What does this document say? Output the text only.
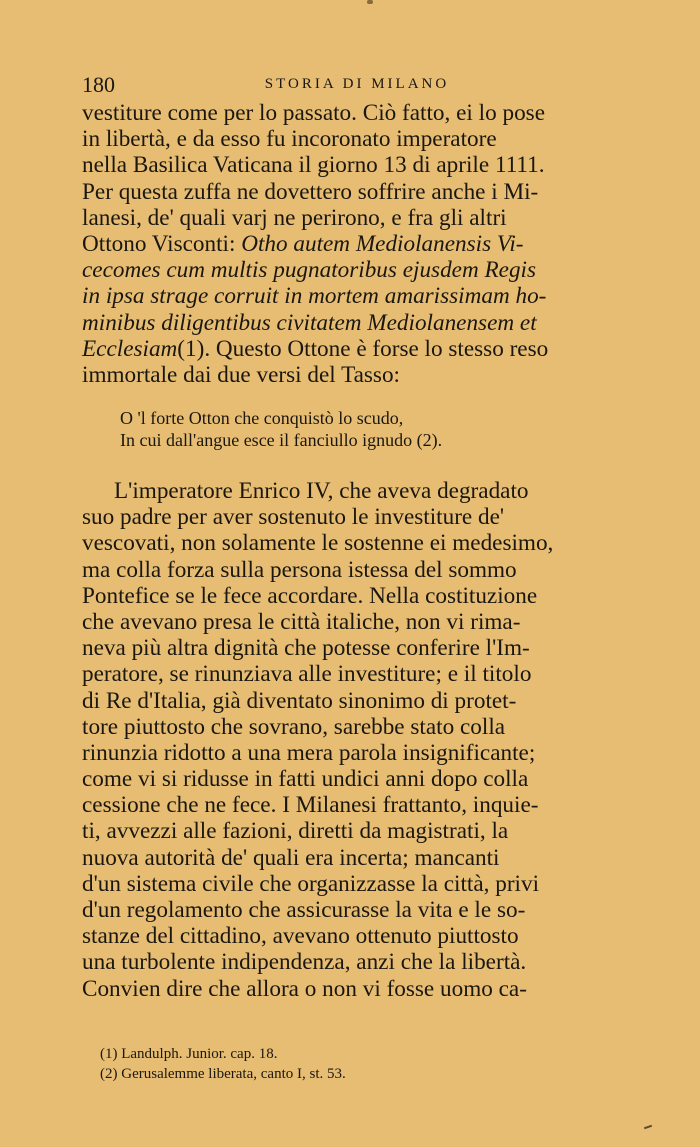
180	STORIA DI MILANO
vestiture come per lo passato. Ciò fatto, ei lo pose
in libertà, e da esso fu incoronato imperatore
nella Basilica Vaticana il giorno 13 di aprile 1111.
Per questa zuffa ne dovettero soffrire anche i Mi-
lanesi, de' quali varj ne perirono, e fra gli altri
Ottono Visconti: Otho autem Mediolanensis Vi-
cecomes cum multis pugnatoribus ejusdem Regis
in ipsa strage corruit in mortem amarissimam ho-
minibus diligentibus civitatem Mediolanensem et
Ecclesiam(1). Questo Ottone è forse lo stesso reso
immortale dai due versi del Tasso:
O 'l forte Otton che conquistò lo scudo,
In cui dall'angue esce il fanciullo ignudo (2).
L'imperatore Enrico IV, che aveva degradato
suo padre per aver sostenuto le investiture de'
vescovati, non solamente le sostenne ei medesimo,
ma colla forza sulla persona istessa del sommo
Pontefice se le fece accordare. Nella costituzione
che avevano presa le città italiche, non vi rima-
neva più altra dignità che potesse conferire l'Im-
peratore, se rinunziava alle investiture; e il titolo
di Re d'Italia, già diventato sinonimo di protet-
tore piuttosto che sovrano, sarebbe stato colla
rinunzia ridotto a una mera parola insignificante;
come vi si ridusse in fatti undici anni dopo colla
cessione che ne fece. I Milanesi frattanto, inquie-
ti, avvezzi alle fazioni, diretti da magistrati, la
nuova autorità de' quali era incerta; mancanti
d'un sistema civile che organizzasse la città, privi
d'un regolamento che assicurasse la vita e le so-
stanze del cittadino, avevano ottenuto piuttosto
una turbolente indipendenza, anzi che la libertà.
Convien dire che allora o non vi fosse uomo ca-
(1) Landulph. Junior. cap. 18.
(2) Gerusalemme liberata, canto I, st. 53.
